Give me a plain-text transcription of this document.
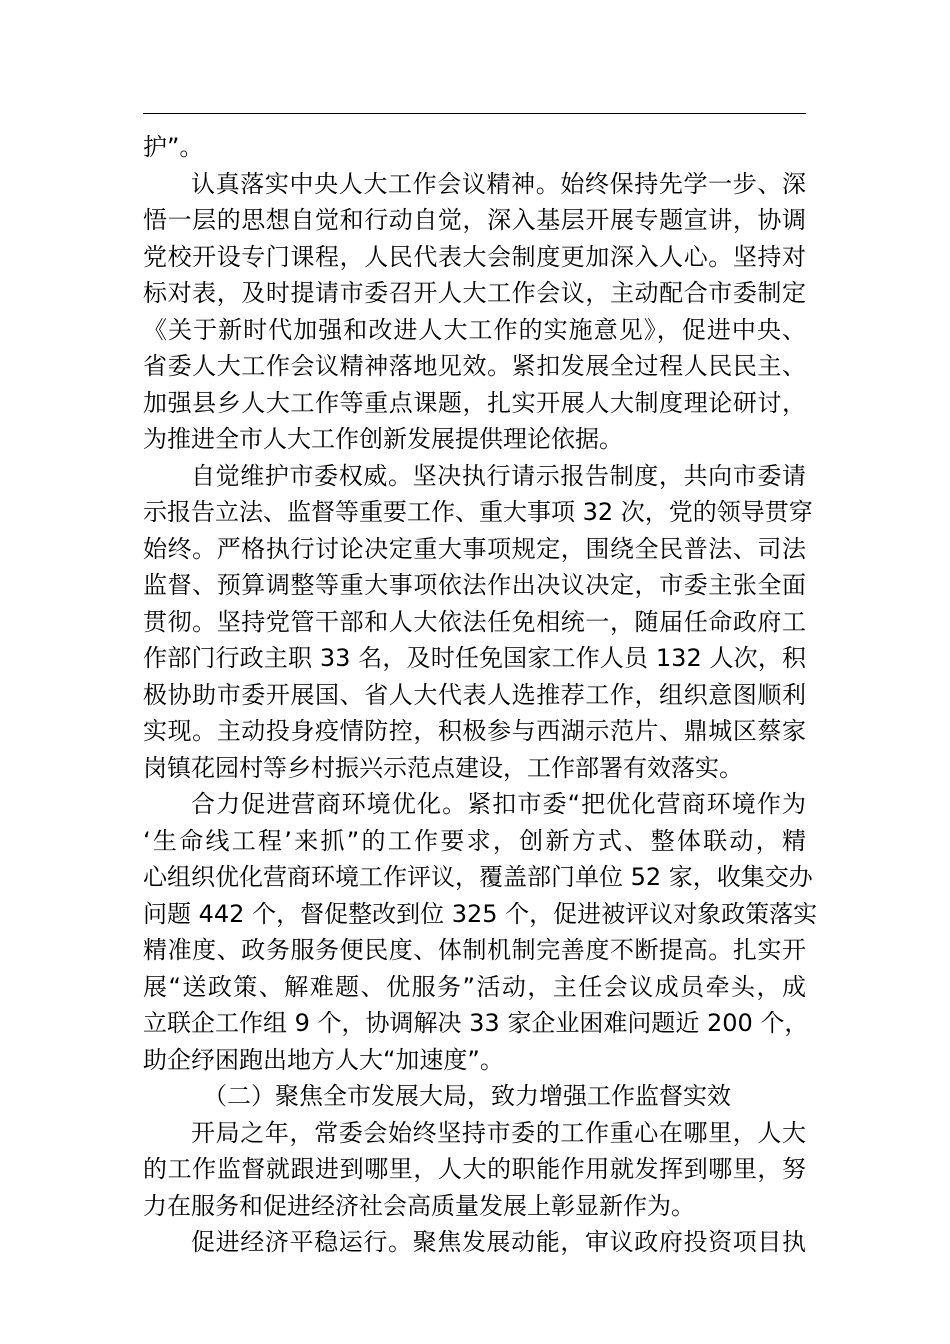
护”。

认真落实中央人大工作会议精神。始终保持先学一步、深
悟一层的思想自觉和行动自觉，深入基层开展专题宣讲，协调
党校开设专门课程，人民代表大会制度更加深入人心。坚持对
标对表，及时提请市委召开人大工作会议，主动配合市委制定
《关于新时代加强和改进人大工作的实施意见》，促进中央、
省委人大工作会议精神落地见效。紧扣发展全过程人民民主、
加强县乡人大工作等重点课题，扎实开展人大制度理论研讨，
为推进全市人大工作创新发展提供理论依据。

自觉维护市委权威。坚决执行请示报告制度，共向市委请
示报告立法、监督等重要工作、重大事项 32 次，党的领导贯穿
始终。严格执行讨论决定重大事项规定，围绕全民普法、司法
监督、预算调整等重大事项依法作出决议决定，市委主张全面
贯彻。坚持党管干部和人大依法任免相统一，随届任命政府工
作部门行政主职 33 名，及时任免国家工作人员 132 人次，积
极协助市委开展国、省人大代表人选推荐工作，组织意图顺利
实现。主动投身疫情防控，积极参与西湖示范片、鼎城区蔡家
岗镇花园村等乡村振兴示范点建设，工作部署有效落实。

合力促进营商环境优化。紧扣市委“把优化营商环境作为
‘生命线工程’来抓”的工作要求，创新方式、整体联动，精
心组织优化营商环境工作评议，覆盖部门单位 52 家，收集交办
问题 442 个，督促整改到位 325 个，促进被评议对象政策落实
精准度、政务服务便民度、体制机制完善度不断提高。扎实开
展“送政策、解难题、优服务”活动，主任会议成员牵头，成
立联企工作组 9 个，协调解决 33 家企业困难问题近 200 个，
助企纾困跑出地方人大“加速度”。

（二）聚焦全市发展大局，致力增强工作监督实效

开局之年，常委会始终坚持市委的工作重心在哪里，人大
的工作监督就跟进到哪里，人大的职能作用就发挥到哪里，努
力在服务和促进经济社会高质量发展上彰显新作为。

促进经济平稳运行。聚焦发展动能，审议政府投资项目执
